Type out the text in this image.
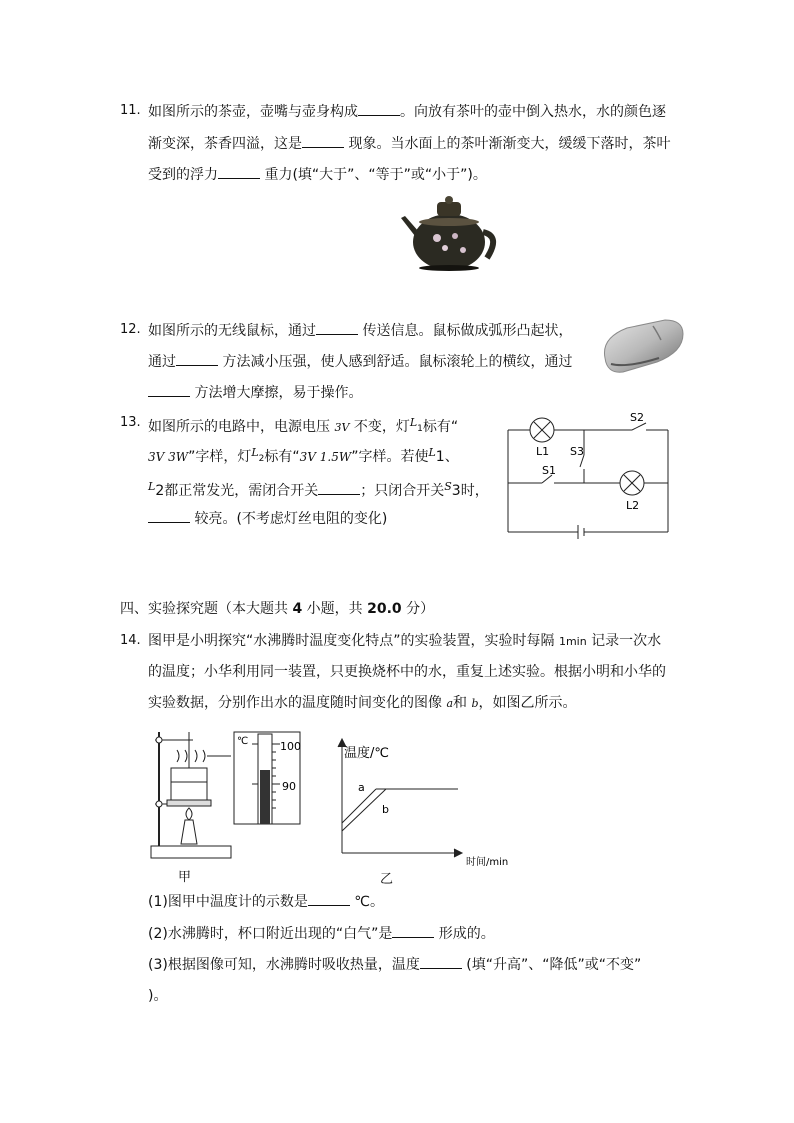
11. 如图所示的茶壶，壶嘴与壶身构成	。向放有茶叶的壶中倒入热水，水的颜色逐
渐变深，茶香四溢，这是	现象。当水面上的茶叶渐渐变大，缓缓下落时，茶叶
受到的浮力	重力(填“大于”、“等于”或“小于”)。
12. 如图所示的无线鼠标，通过	传送信息。鼠标做成弧形凸起状，
通过	方法减小压强，使人感到舒适。鼠标滚轮上的横纹，通过
方法增大摩擦，易于操作。
13. 如图所示的电路中，电源电压 3V 不变，灯$^L$1标有“
3V 3W”字样，灯$^L$2标有“3V 1.5W”字样。若使$^L$1、
$^L$2都正常发光，需闭合开关	；只闭合开关$^S$3时，
较亮。(不考虑灯丝电阻的变化)
S2
S3
S1
L1
L2
四、实验探究题（本大题共 4 小题，共 20.0 分）
14. 图甲是小明探究“水沸腾时温度变化特点”的实验装置，实验时每隔 1min 记录一次水
的温度；小华利用同一装置，只更换烧杯中的水，重复上述实验。根据小明和小华的
实验数据，分别作出水的温度随时间变化的图像 a和 b，如图乙所示。
甲
℃	100
90
温度/℃
a
b
时间/min
乙
(1)图甲中温度计的示数是	℃。
(2)水沸腾时，杯口附近出现的“白气”是	形成的。
(3)根据图像可知，水沸腾时吸收热量，温度	(填“升高”、“降低”或“不变”
)。
